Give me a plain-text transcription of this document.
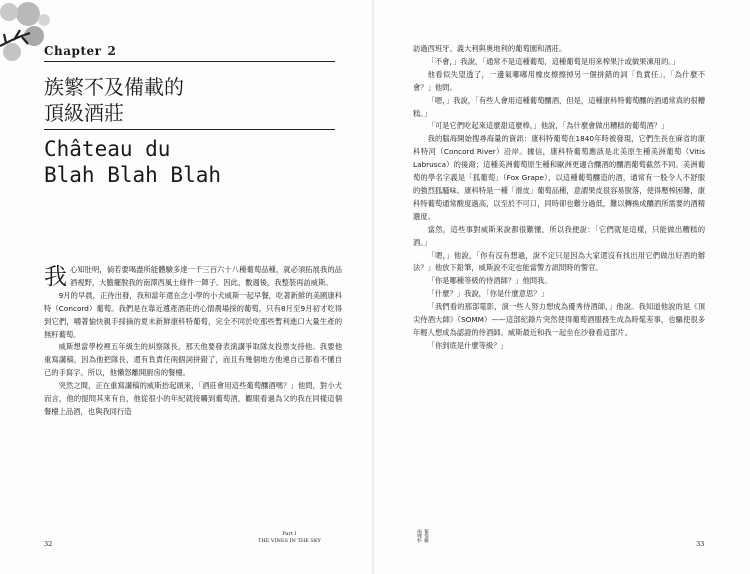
Chapter 2
族繁不及備載的
頂級酒莊
Château du
Blah Blah Blah

我心知肚明，倘若要喝盡所能體驗多達一千三百六十八種葡萄品種，就必須拓展我的品酒視野，大膽擺脫我的南澤西風土條件一陣子。因此，數週後，我整裝再訪威斯。

9月的早晨，正待出發，我和當年還在念小學的小犬威斯一起早餐，吃著新鮮的美國康科特（Concord）葡萄。我們是在靠近遺產酒莊的心情農場採的葡萄，只有8月至9月初才吃得到它們，嚼著愉快親手採摘的夏末新鮮康科特葡萄，完全不同於吃那些暫利進口大量生產的無籽葡萄。

威斯想當學校裡五年級生的糾察隊長，那天他要發表演講爭取隊友投票支持他。我要他重寫講稿，因為他把隊長，還有負責任兩個詞拼錯了，而且有幾個地方他連自己都看不懂自己的手寫字。所以，他懶怒離開廚房的餐檯。

突然之間，正在重寫講稿的威斯抬起頭來，「酒莊會用這些葡萄釀酒嗎？」他問，對小犬而言，他的提問其來有自，他從很小的年紀就接觸到葡萄酒，觀眼看過為父的我在同樣這個餐檯上品酒，也與我同行造

32
Part I
THE VINES IN THE SKY

訪過西班牙、義大利與奧地利的葡萄園和酒莊。

「不會，」我說，「通常不是這種葡萄，這種葡萄是用來榨果汁或做果凍用的。」

他看似失望透了，一邊氣嘟嘟用橡皮擦擦掉另一個拼錯的詞「負責任」，「為什麼不會？」他問。

「嗯，」我說，「有些人會用這種葡萄釀酒，但是，這種康科特葡萄釀的酒通常真的很糟糕。」

「可是它們吃起來這麼甜這麼棒，」他說，「為什麼會做出糟糕的葡萄酒？」

我的腦海開始搜尋海量的資訊：康科特葡萄在1840年時被發現，它們生長在麻省的康科特河（Concord River）沿岸。據信，康科特葡萄應該是北美原生種美洲葡萄（Vitis Labrusca）的後裔；這種美洲葡萄原生種和歐洲更適合釀酒的釀酒葡萄截然不同。美洲葡萄的學名字義是「狐葡萄」（Fox Grape），以這種葡萄釀造的酒，通常有一股令人不舒服的強烈狐騷味。康科特是一種「滑皮」葡萄品種，意謂果皮很容易脫落，使得壓榨困難，康科特葡萄通常酸度過高，以至於不可口，同時卻也難分過低，難以轉換成釀酒所需要的酒精濃度。

當然，這些事對威斯來說都很難懂，所以我便說：「它們就是這樣，只能做出糟糕的酒。」

「嗯，」他說，「你有沒有想過，說不定只是因為大家還沒有找出用它們做出好酒的辦法？」他放下鉛筆，威斯說不定也能當警方訊問時的警官。

「你是哪種等級的侍酒師？」他問我。

「什麼？」我說，「你是什麼意思？」

「我們看的那部電影，演一些人努力想成為優秀侍酒師，」他說。我知道他說的是《頂尖侍酒大師》（SOMM）——這部紀錄片突然使得葡萄酒服務生成為時髦差事，也驅使很多年輕人想成為認證的侍酒師。威斯最近和我一起坐在沙發看這部片。

「你到底是什麼等級？」

兩哩杯 葡萄藤
33
